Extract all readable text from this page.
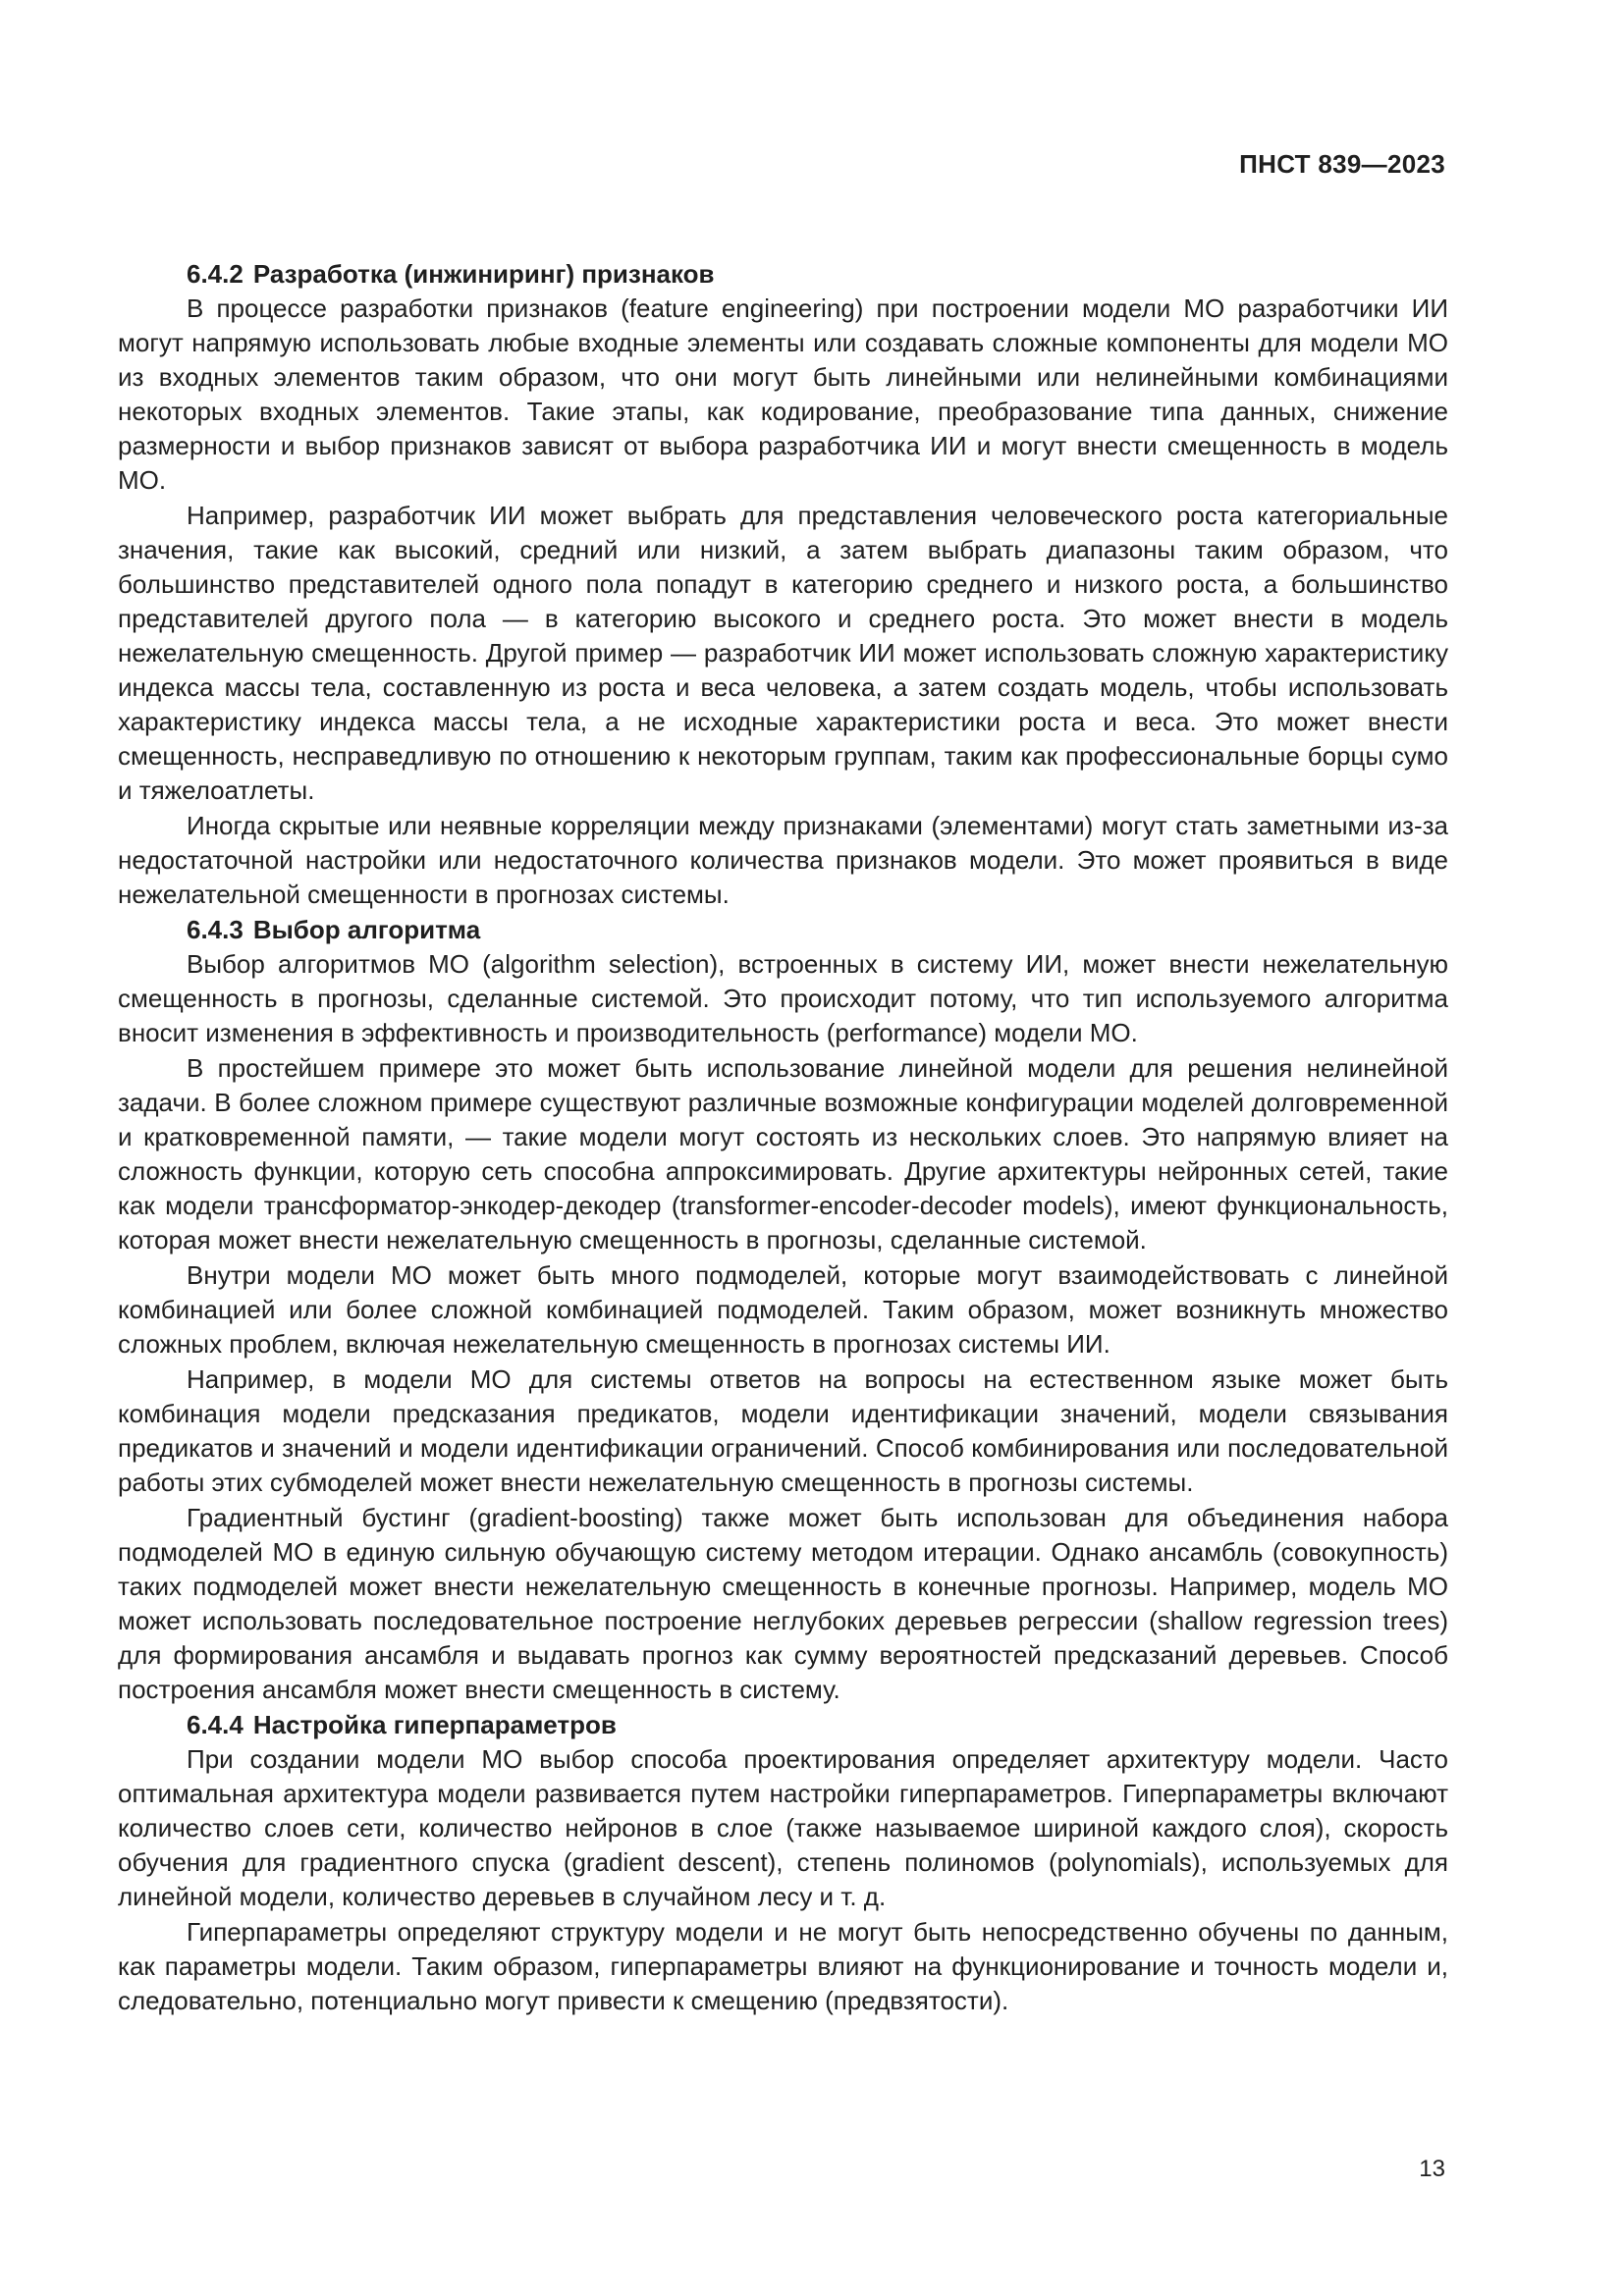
ПНСТ 839—2023
6.4.2 Разработка (инжиниринг) признаков

В процессе разработки признаков (feature engineering) при построении модели МО разработчики ИИ могут напрямую использовать любые входные элементы или создавать сложные компоненты для модели МО из входных элементов таким образом, что они могут быть линейными или нелинейными комбинациями некоторых входных элементов. Такие этапы, как кодирование, преобразование типа данных, снижение размерности и выбор признаков зависят от выбора разработчика ИИ и могут внести смещенность в модель МО.

Например, разработчик ИИ может выбрать для представления человеческого роста категориальные значения, такие как высокий, средний или низкий, а затем выбрать диапазоны таким образом, что большинство представителей одного пола попадут в категорию среднего и низкого роста, а большинство представителей другого пола — в категорию высокого и среднего роста. Это может внести в модель нежелательную смещенность. Другой пример — разработчик ИИ может использовать сложную характеристику индекса массы тела, составленную из роста и веса человека, а затем создать модель, чтобы использовать характеристику индекса массы тела, а не исходные характеристики роста и веса. Это может внести смещенность, несправедливую по отношению к некоторым группам, таким как профессиональные борцы сумо и тяжелоатлеты.

Иногда скрытые или неявные корреляции между признаками (элементами) могут стать заметными из-за недостаточной настройки или недостаточного количества признаков модели. Это может проявиться в виде нежелательной смещенности в прогнозах системы.

6.4.3 Выбор алгоритма

Выбор алгоритмов МО (algorithm selection), встроенных в систему ИИ, может внести нежелательную смещенность в прогнозы, сделанные системой. Это происходит потому, что тип используемого алгоритма вносит изменения в эффективность и производительность (performance) модели МО.

В простейшем примере это может быть использование линейной модели для решения нелинейной задачи. В более сложном примере существуют различные возможные конфигурации моделей долговременной и кратковременной памяти, — такие модели могут состоять из нескольких слоев. Это напрямую влияет на сложность функции, которую сеть способна аппроксимировать. Другие архитектуры нейронных сетей, такие как модели трансформатор-энкодер-декодер (transformer-encoder-decoder models), имеют функциональность, которая может внести нежелательную смещенность в прогнозы, сделанные системой.

Внутри модели МО может быть много подмоделей, которые могут взаимодействовать с линейной комбинацией или более сложной комбинацией подмоделей. Таким образом, может возникнуть множество сложных проблем, включая нежелательную смещенность в прогнозах системы ИИ.

Например, в модели МО для системы ответов на вопросы на естественном языке может быть комбинация модели предсказания предикатов, модели идентификации значений, модели связывания предикатов и значений и модели идентификации ограничений. Способ комбинирования или последовательной работы этих субмоделей может внести нежелательную смещенность в прогнозы системы.

Градиентный бустинг (gradient-boosting) также может быть использован для объединения набора подмоделей МО в единую сильную обучающую систему методом итерации. Однако ансамбль (совокупность) таких подмоделей может внести нежелательную смещенность в конечные прогнозы. Например, модель МО может использовать последовательное построение неглубоких деревьев регрессии (shallow regression trees) для формирования ансамбля и выдавать прогноз как сумму вероятностей предсказаний деревьев. Способ построения ансамбля может внести смещенность в систему.

6.4.4 Настройка гиперпараметров

При создании модели МО выбор способа проектирования определяет архитектуру модели. Часто оптимальная архитектура модели развивается путем настройки гиперпараметров. Гиперпараметры включают количество слоев сети, количество нейронов в слое (также называемое шириной каждого слоя), скорость обучения для градиентного спуска (gradient descent), степень полиномов (polynomials), используемых для линейной модели, количество деревьев в случайном лесу и т. д.

Гиперпараметры определяют структуру модели и не могут быть непосредственно обучены по данным, как параметры модели. Таким образом, гиперпараметры влияют на функционирование и точность модели и, следовательно, потенциально могут привести к смещению (предвзятости).

13
